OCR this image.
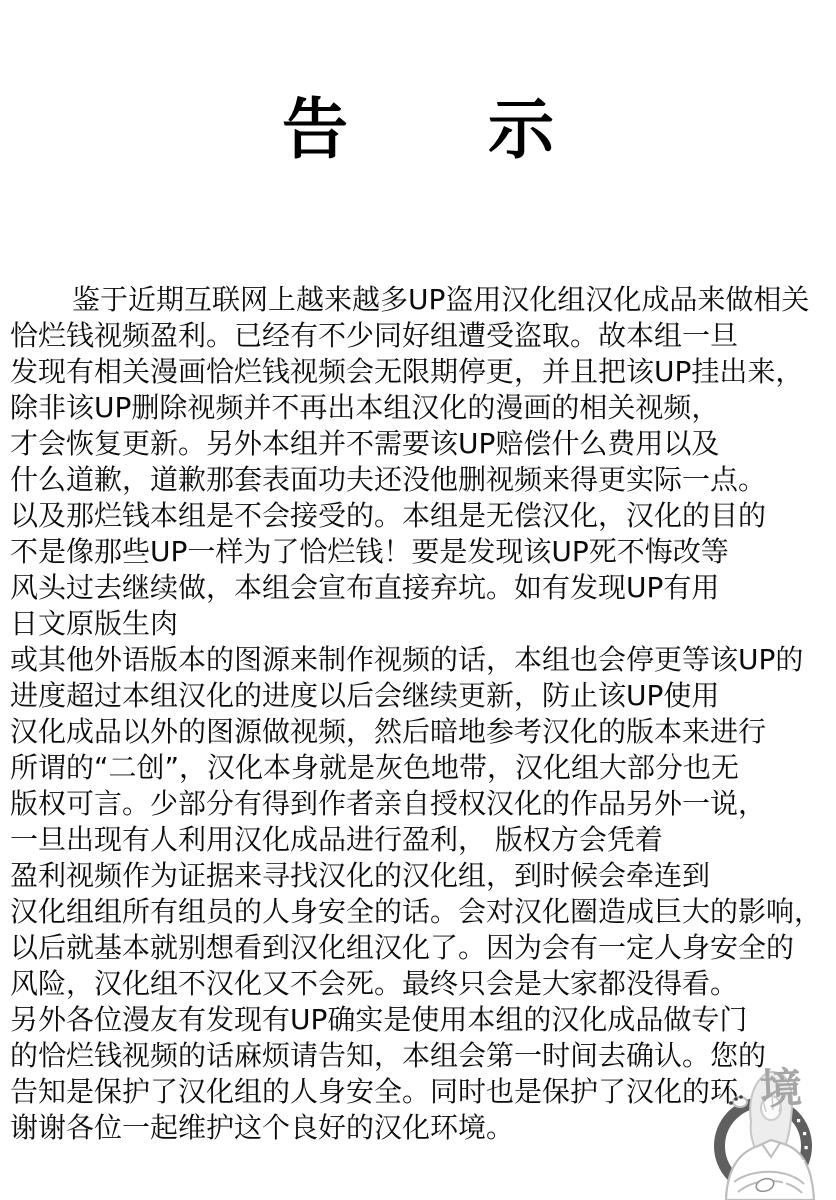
告 示

鉴于近期互联网上越来越多UP盗用汉化组汉化成品来做相关

恰烂钱视频盈利。已经有不少同好组遭受盗取。故本组一旦

发现有相关漫画恰烂钱视频会无限期停更，并且把该UP挂出来，

除非该UP删除视频并不再出本组汉化的漫画的相关视频，

才会恢复更新。另外本组并不需要该UP赔偿什么费用以及

什么道歉，道歉那套表面功夫还没他删视频来得更实际一点。

以及那烂钱本组是不会接受的。本组是无偿汉化，汉化的目的

不是像那些UP一样为了恰烂钱！要是发现该UP死不悔改等

风头过去继续做，本组会宣布直接弃坑。如有发现UP有用

日文原版生肉

或其他外语版本的图源来制作视频的话，本组也会停更等该UP的

进度超过本组汉化的进度以后会继续更新，防止该UP使用

汉化成品以外的图源做视频，然后暗地参考汉化的版本来进行

所谓的“二创”，汉化本身就是灰色地带，汉化组大部分也无

版权可言。少部分有得到作者亲自授权汉化的作品另外一说，

一旦出现有人利用汉化成品进行盈利， 版权方会凭着

盈利视频作为证据来寻找汉化的汉化组，到时候会牵连到

汉化组组所有组员的人身安全的话。会对汉化圈造成巨大的影响，

以后就基本就别想看到汉化组汉化了。因为会有一定人身安全的

风险，汉化组不汉化又不会死。最终只会是大家都没得看。

另外各位漫友有发现有UP确实是使用本组的汉化成品做专门

的恰烂钱视频的话麻烦请告知，本组会第一时间去确认。您的

告知是保护了汉化组的人身安全。同时也是保护了汉化的环

谢谢各位一起维护这个良好的汉化环境。

境
